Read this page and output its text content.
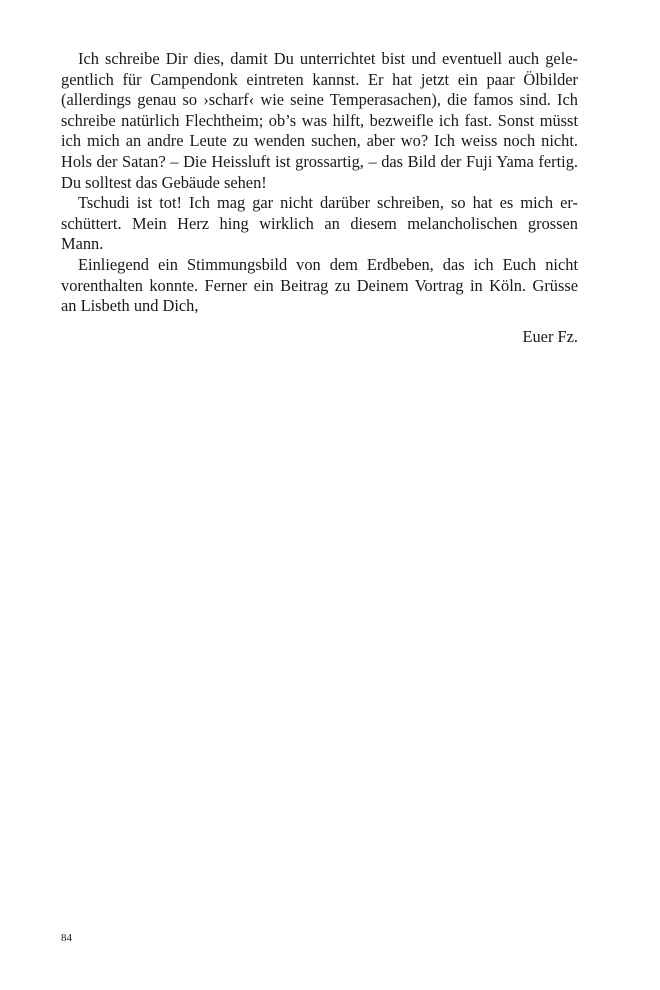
Ich schreibe Dir dies, damit Du unterrichtet bist und eventuell auch gele-
gentlich für Campendonk eintreten kannst. Er hat jetzt ein paar Ölbilder
(allerdings genau so ›scharf‹ wie seine Temperasachen), die famos sind. Ich
schreibe natürlich Flechtheim; ob’s was hilft, bezweifle ich fast. Sonst müsst
ich mich an andre Leute zu wenden suchen, aber wo? Ich weiss noch nicht.
Hols der Satan? – Die Heissluft ist grossartig, – das Bild der Fuji Yama fertig.
Du solltest das Gebäude sehen!
Tschudi ist tot! Ich mag gar nicht darüber schreiben, so hat es mich er-
schüttert. Mein Herz hing wirklich an diesem melancholischen grossen
Mann.
Einliegend ein Stimmungsbild von dem Erdbeben, das ich Euch nicht
vorenthalten konnte. Ferner ein Beitrag zu Deinem Vortrag in Köln. Grüsse
an Lisbeth und Dich,
Euer Fz.
84
